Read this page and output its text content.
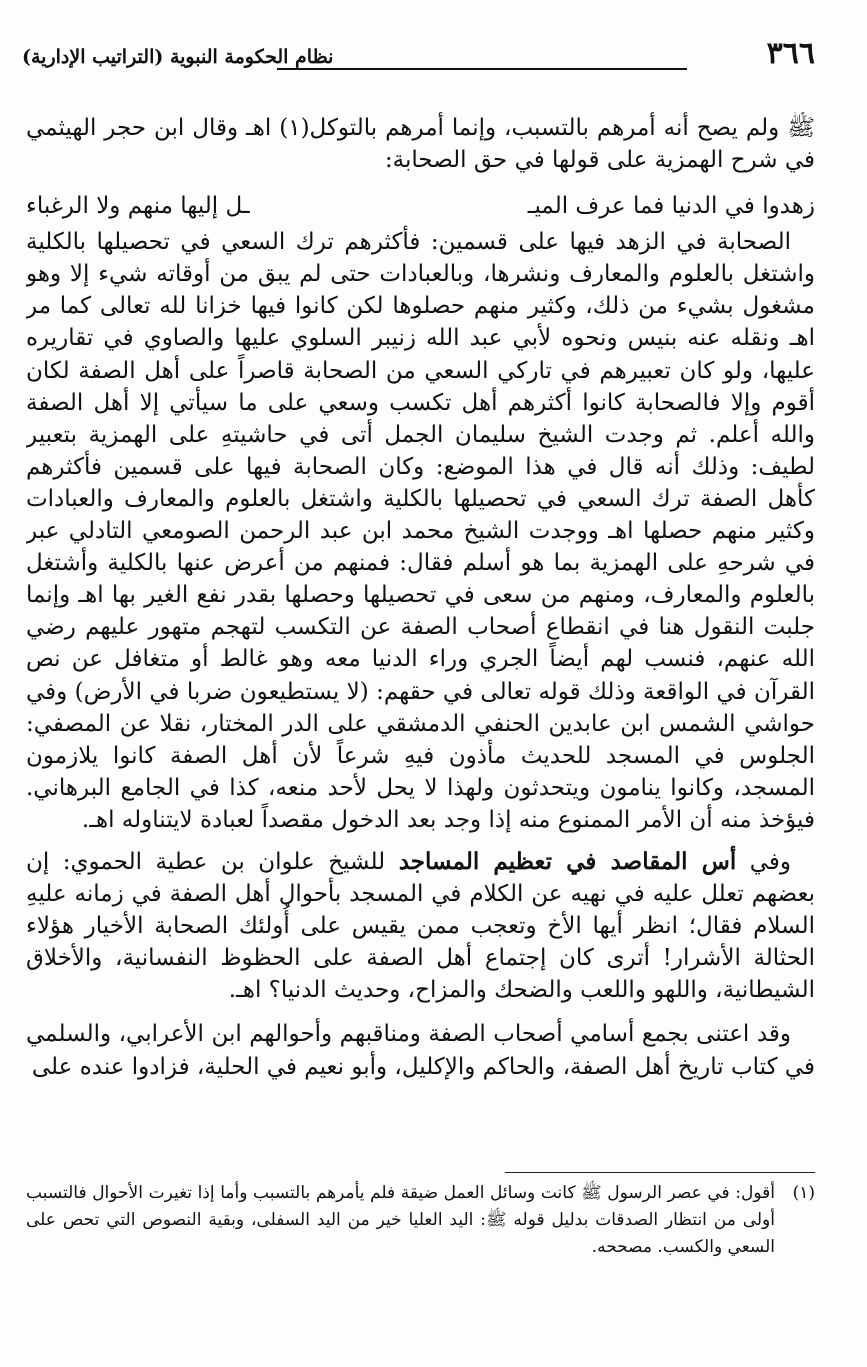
٣٦٦
نظام الحكومة النبوية (التراتيب الإدارية)

ﷺ ولم يصح أنه أمرهم بالتسبب، وإنما أمرهم بالتوكل(١) اهـ وقال ابن حجر الهيثمي في شرح الهمزية على قولها في حق الصحابة:

زهدوا في الدنيا فما عرف الميـ
ـل إليها منهم ولا الرغباء

الصحابة في الزهد فيها على قسمين: فأكثرهم ترك السعي في تحصيلها بالكلية واشتغل بالعلوم والمعارف ونشرها، وبالعبادات حتى لم يبق من أوقاته شيء إلا وهو مشغول بشيء من ذلك، وكثير منهم حصلوها لكن كانوا فيها خزانا لله تعالى كما مر اهـ ونقله عنه بنيس ونحوه لأبي عبد الله زنيبر السلوي عليها والصاوي في تقاريره عليها، ولو كان تعبيرهم في تاركي السعي من الصحابة قاصراً على أهل الصفة لكان أقوم وإلا فالصحابة كانوا أكثرهم أهل تكسب وسعي على ما سيأتي إلا أهل الصفة والله أعلم. ثم وجدت الشيخ سليمان الجمل أتى في حاشيتهِ على الهمزية بتعبير لطيف: وذلك أنه قال في هذا الموضع: وكان الصحابة فيها على قسمين فأكثرهم كأهل الصفة ترك السعي في تحصيلها بالكلية واشتغل بالعلوم والمعارف والعبادات وكثير منهم حصلها اهـ ووجدت الشيخ محمد ابن عبد الرحمن الصومعي التادلي عبر في شرحهِ على الهمزية بما هو أسلم فقال: فمنهم من أعرض عنها بالكلية وأشتغل بالعلوم والمعارف، ومنهم من سعى في تحصيلها وحصلها بقدر نفع الغير بها اهـ وإنما جلبت النقول هنا في انقطاع أصحاب الصفة عن التكسب لتهجم متهور عليهم رضي الله عنهم، فنسب لهم أيضاً الجري وراء الدنيا معه وهو غالط أو متغافل عن نص القرآن في الواقعة وذلك قوله تعالى في حقهم: (لا يستطيعون ضربا في الأرض) وفي حواشي الشمس ابن عابدين الحنفي الدمشقي على الدر المختار، نقلا عن المصفي: الجلوس في المسجد للحديث مأذون فيهِ شرعاً لأن أهل الصفة كانوا يلازمون المسجد، وكانوا ينامون ويتحدثون ولهذا لا يحل لأحد منعه، كذا في الجامع البرهاني. فيؤخذ منه أن الأمر الممنوع منه إذا وجد بعد الدخول مقصداً لعبادة لايتناوله اهـ.

وفي أس المقاصد في تعظيم المساجد للشيخ علوان بن عطية الحموي: إن بعضهم تعلل عليه في نهيه عن الكلام في المسجد بأحوال أهل الصفة في زمانه عليهِ السلام فقال؛ انظر أيها الأخ وتعجب ممن يقيس على أُولئك الصحابة الأخيار هؤلاء الحثالة الأشرار! أترى كان إجتماع أهل الصفة على الحظوظ النفسانية، والأخلاق الشيطانية، واللهو واللعب والضحك والمزاح، وحديث الدنيا؟ اهـ.

وقد اعتنى بجمع أسامي أصحاب الصفة ومناقبهم وأحوالهم ابن الأعرابي، والسلمي في كتاب تاريخ أهل الصفة، والحاكم والإكليل، وأبو نعيم في الحلية، فزادوا عنده على

(١)
أقول: في عصر الرسول ﷺ كانت وسائل العمل ضيقة فلم يأمرهم بالتسبب وأما إذا تغيرت الأحوال فالتسبب أولى من انتظار الصدقات بدليل قوله ﷺ: اليد العليا خير من اليد السفلى، وبقية النصوص التي تحص على السعي والكسب. مصححه.
